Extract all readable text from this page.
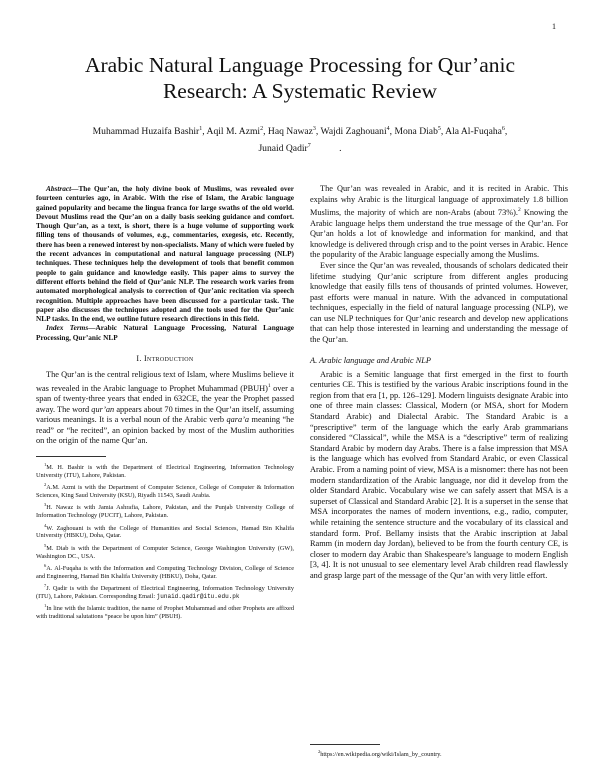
1
Arabic Natural Language Processing for Qur’anic Research: A Systematic Review
Muhammad Huzaifa Bashir$^1$, Aqil M. Azmi$^2$, Haq Nawaz$^3$, Wajdi Zaghouani$^4$, Mona Diab$^5$, Ala Al-Fuqaha$^6$,
Junaid Qadir$^7$	.

Abstract—The Qur’an, the holy divine book of Muslims, was revealed over fourteen centuries ago, in Arabic. With the rise of Islam, the Arabic language gained popularity and became the lingua franca for large swaths of the old world. Devout Muslims read the Qur’an on a daily basis seeking guidance and comfort. Though Qur’an, as a text, is short, there is a huge volume of supporting work filling tens of thousands of volumes, e.g., commentaries, exegesis, etc. Recently, there has been a renewed interest by non-specialists. Many of which were fueled by the recent advances in computational and natural language processing (NLP) techniques. These techniques help the development of tools that benefit common people to gain guidance and knowledge easily. This paper aims to survey the different efforts behind the field of Qur’anic NLP. The research work varies from automated morphological analysis to correction of Qur’anic recitation via speech recognition. Multiple approaches have been discussed for a particular task. The paper also discusses the techniques adopted and the tools used for the Qur’anic NLP tasks. In the end, we outline future research directions in this field.

Index Terms—Arabic Natural Language Processing, Natural Language Processing, Qur’anic NLP

I. Introduction

The Qur’an is the central religious text of Islam, where Muslims believe it was revealed in the Arabic language to Prophet Muhammad (PBUH)$^1$ over a span of twenty-three years that ended in 632CE, the year the Prophet passed away. The word qur’an appears about 70 times in the Qur’an itself, assuming various meanings. It is a verbal noun of the Arabic verb qara’a meaning “he read” or “he recited”, an opinion backed by most of the Muslim authorities on the origin of the name Qur’an.

$^1$M. H. Bashir is with the Department of Electrical Engineering, Information Technology University (ITU), Lahore, Pakistan.

$^2$A.M. Azmi is with the Department of Computer Science, College of Computer & Information Sciences, King Saud University (KSU), Riyadh 11543, Saudi Arabia.

$^3$H. Nawaz is with Jamia Ashrafia, Lahore, Pakistan, and the Punjab University College of Information Technology (PUCIT), Lahore, Pakistan.

$^4$W. Zaghouani is with the College of Humanities and Social Sciences, Hamad Bin Khalifa University (HBKU), Doha, Qatar.

$^5$M. Diab is with the Department of Computer Science, George Washington University (GW), Washington DC., USA.

$^6$A. Al-Fuqaha is with the Information and Computing Technology Division, College of Science and Engineering, Hamad Bin Khalifa University (HBKU), Doha, Qatar.

$^7$J. Qadir is with the Department of Electrical Engineering, Information Technology University (ITU), Lahore, Pakistan. Corresponding Email: junaid.qadir@itu.edu.pk

$^1$In line with the Islamic tradition, the name of Prophet Muhammad and other Prophets are affixed with traditional salutations “peace be upon him” (PBUH).

The Qur’an was revealed in Arabic, and it is recited in Arabic. This explains why Arabic is the liturgical language of approximately 1.8 billion Muslims, the majority of which are non-Arabs (about 73%).$^2$ Knowing the Arabic language helps them understand the true message of the Qur’an. For Qur’an holds a lot of knowledge and information for mankind, and that knowledge is delivered through crisp and to the point verses in Arabic. Hence the popularity of the Arabic language especially among the Muslims.

Ever since the Qur’an was revealed, thousands of scholars dedicated their lifetime studying Qur’anic scripture from different angles producing knowledge that easily fills tens of thousands of printed volumes. However, past efforts were manual in nature. With the advanced in computational techniques, especially in the field of natural language processing (NLP), we can use NLP techniques for Qur’anic research and develop new applications that can help those interested in learning and understanding the message of the Qur’an.

A. Arabic language and Arabic NLP

Arabic is a Semitic language that first emerged in the first to fourth centuries CE. This is testified by the various Arabic inscriptions found in the region from that era [1, pp. 126–129]. Modern linguists designate Arabic into one of three main classes: Classical, Modern (or MSA, short for Modern Standard Arabic) and Dialectal Arabic. The Standard Arabic is a “prescriptive” term of the language which the early Arab grammarians considered “Classical”, while the MSA is a “descriptive” term of realizing Standard Arabic by modern day Arabs. There is a false impression that MSA is the language which has evolved from Standard Arabic, or even Classical Arabic. From a naming point of view, MSA is a misnomer: there has not been modern standardization of the Arabic language, nor did it develop from the older Standard Arabic. Vocabulary wise we can safely assert that MSA is a superset of Classical and Standard Arabic [2]. It is a superset in the sense that MSA incorporates the names of modern inventions, e.g., radio, computer, while retaining the sentence structure and the vocabulary of its classical and standard form. Prof. Bellamy insists that the Arabic inscription at Jabal Ramm (in modern day Jordan), believed to be from the fourth century CE, is closer to modern day Arabic than Shakespeare’s language to modern English [3, 4]. It is not unusual to see elementary level Arab children read flawlessly and grasp large part of the message of the Qur’an with very little effort.

$^2$https://en.wikipedia.org/wiki/Islam_by_country.
